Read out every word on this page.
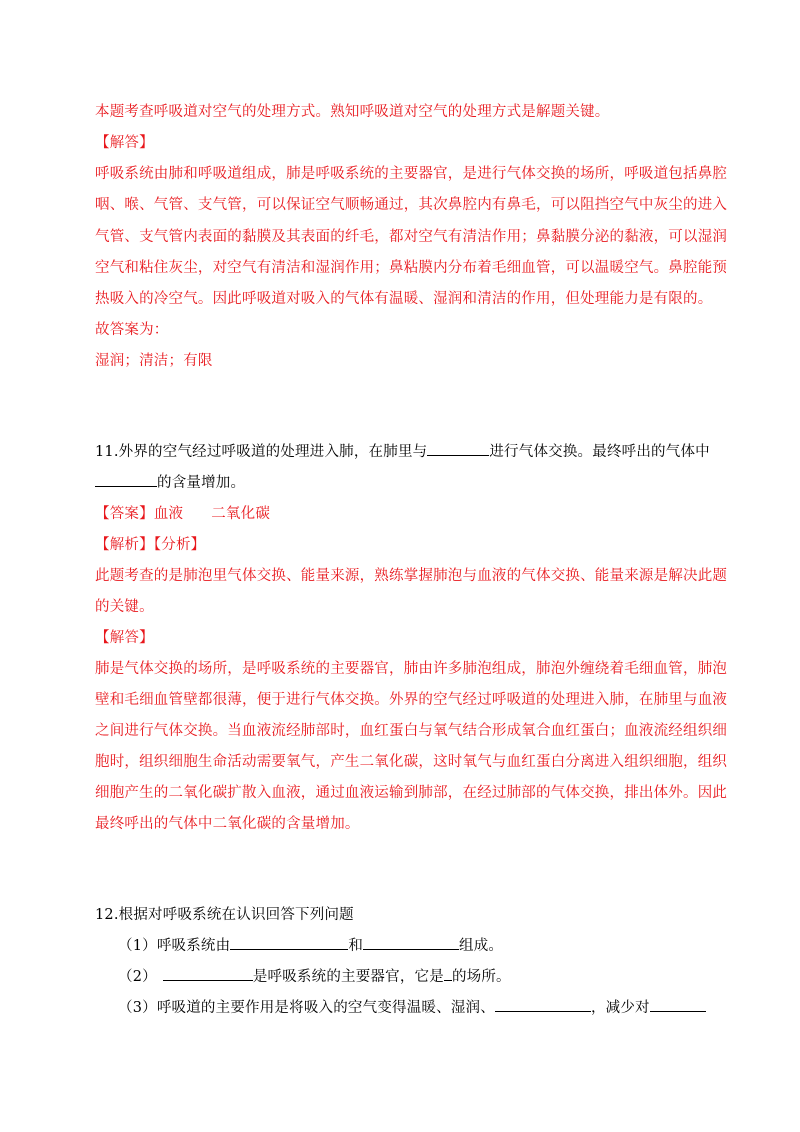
本题考查呼吸道对空气的处理方式。熟知呼吸道对空气的处理方式是解题关键。
【解答】
呼吸系统由肺和呼吸道组成，肺是呼吸系统的主要器官，是进行气体交换的场所，呼吸道包括鼻腔
咽、喉、气管、支气管，可以保证空气顺畅通过，其次鼻腔内有鼻毛，可以阻挡空气中灰尘的进入
气管、支气管内表面的黏膜及其表面的纤毛，都对空气有清洁作用；鼻黏膜分泌的黏液，可以湿润
空气和粘住灰尘，对空气有清洁和湿润作用；鼻粘膜内分布着毛细血管，可以温暖空气。鼻腔能预
热吸入的冷空气。因此呼吸道对吸入的气体有温暖、湿润和清洁的作用，但处理能力是有限的。
故答案为：
湿润；清洁；有限
11.外界的空气经过呼吸道的处理进入肺，在肺里与	进行气体交换。最终呼出的气体中
的含量增加。
【答案】血液 二氧化碳
【解析】【分析】
此题考查的是肺泡里气体交换、能量来源，熟练掌握肺泡与血液的气体交换、能量来源是解决此题
的关键。
【解答】
肺是气体交换的场所，是呼吸系统的主要器官，肺由许多肺泡组成，肺泡外缠绕着毛细血管，肺泡
壁和毛细血管壁都很薄，便于进行气体交换。外界的空气经过呼吸道的处理进入肺，在肺里与血液
之间进行气体交换。当血液流经肺部时，血红蛋白与氧气结合形成氧合血红蛋白；血液流经组织细
胞时，组织细胞生命活动需要氧气，产生二氧化碳，这时氧气与血红蛋白分离进入组织细胞，组织
细胞产生的二氧化碳扩散入血液，通过血液运输到肺部，在经过肺部的气体交换，排出体外。因此
最终呼出的气体中二氧化碳的含量增加。
12.根据对呼吸系统在认识回答下列问题
（1）呼吸系统由	和	组成。
（2）	是呼吸系统的主要器官，它是 的场所。
（3）呼吸道的主要作用是将吸入的空气变得温暖、湿润、	，减少对
